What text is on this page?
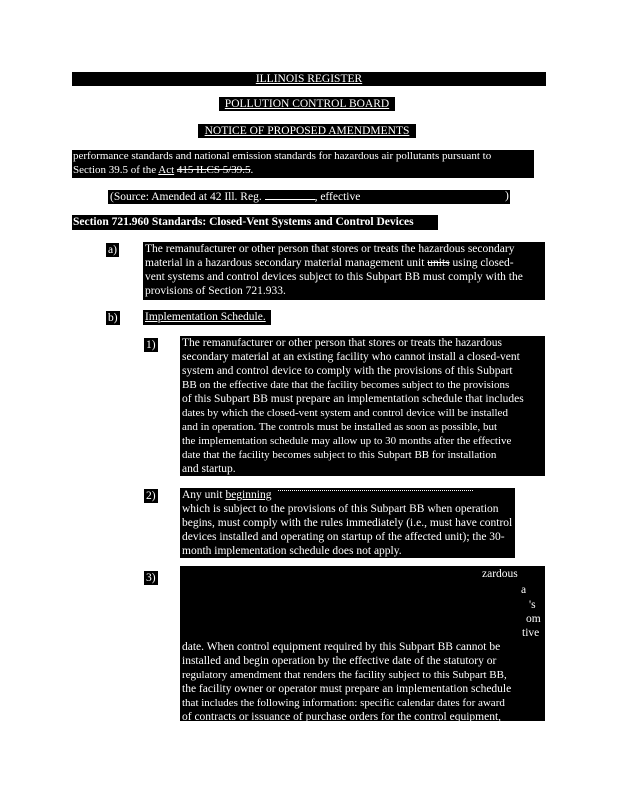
ILLINOIS REGISTER
POLLUTION CONTROL BOARD
NOTICE OF PROPOSED AMENDMENTS
performance standards and national emission standards for hazardous air pollutants pursuant to
Section 39.5 of the Act 415 ILCS 5/39.5.
(Source: Amended at 42 Ill. Reg.	, effective	)
Section 721.960 Standards: Closed-Vent Systems and Control Devices
a) The remanufacturer or other person that stores or treats the hazardous secondary
material in a hazardous secondary material management unit units using closed-
vent systems and control devices subject to this Subpart BB must comply with the
provisions of Section 721.933.
b) Implementation Schedule.
1) The remanufacturer or other person that stores or treats the hazardous
secondary material at an existing facility who cannot install a closed-vent
system and control device to comply with the provisions of this Subpart
BB on the effective date that the facility becomes subject to the provisions
of this Subpart BB must prepare an implementation schedule that includes
dates by which the closed-vent system and control device will be installed
and in operation. The controls must be installed as soon as possible, but
the implementation schedule may allow up to 30 months after the effective
date that the facility becomes subject to this Subpart BB for installation
and startup.
2) Any unit beginning
which is subject to the provisions of this Subpart BB when operation
begins, must comply with the rules immediately (i.e., must have control
devices installed and operating on startup of the affected unit); the 30-
month implementation schedule does not apply.
3)	zardous
a
's
om
tive
date. When control equipment required by this Subpart BB cannot be
installed and begin operation by the effective date of the statutory or
regulatory amendment that renders the facility subject to this Subpart BB,
the facility owner or operator must prepare an implementation schedule
that includes the following information: specific calendar dates for award
of contracts or issuance of purchase orders for the control equipment,
